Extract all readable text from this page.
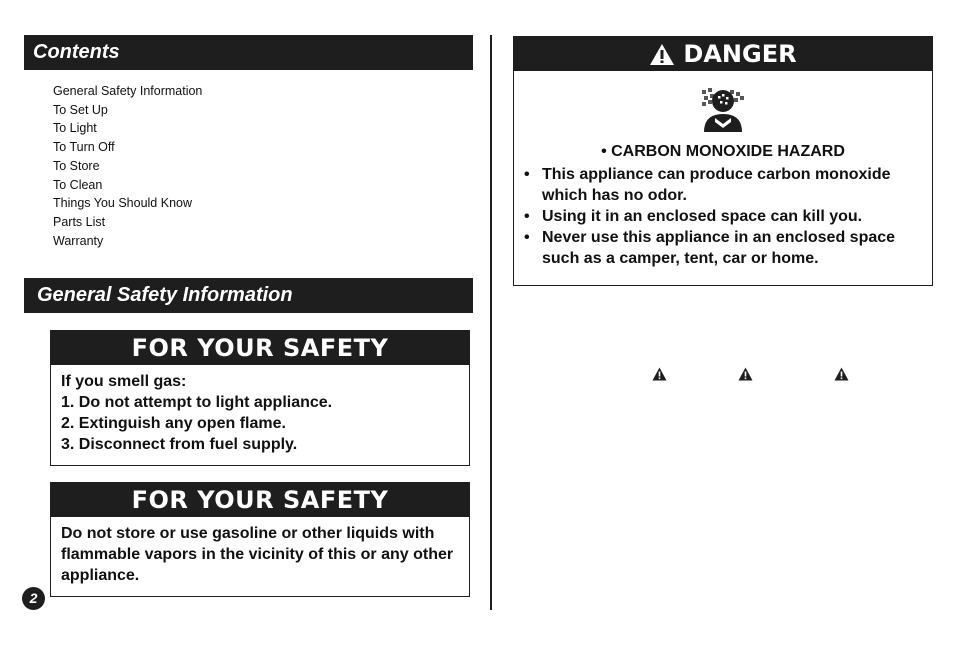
Contents
General Safety Information
To Set Up
To Light
To Turn Off
To Store
To Clean
Things You Should Know
Parts List
Warranty
General Safety Information
FOR YOUR SAFETY
If you smell gas:
1. Do not attempt to light appliance.
2. Extinguish any open flame.
3. Disconnect from fuel supply.
FOR YOUR SAFETY
Do not store or use gasoline or other liquids with flammable vapors in the vicinity of this or any other appliance.
2
DANGER
• CARBON MONOXIDE HAZARD
• This appliance can produce carbon monoxide which has no odor.
• Using it in an enclosed space can kill you.
• Never use this appliance in an enclosed space such as a camper, tent, car or home.
